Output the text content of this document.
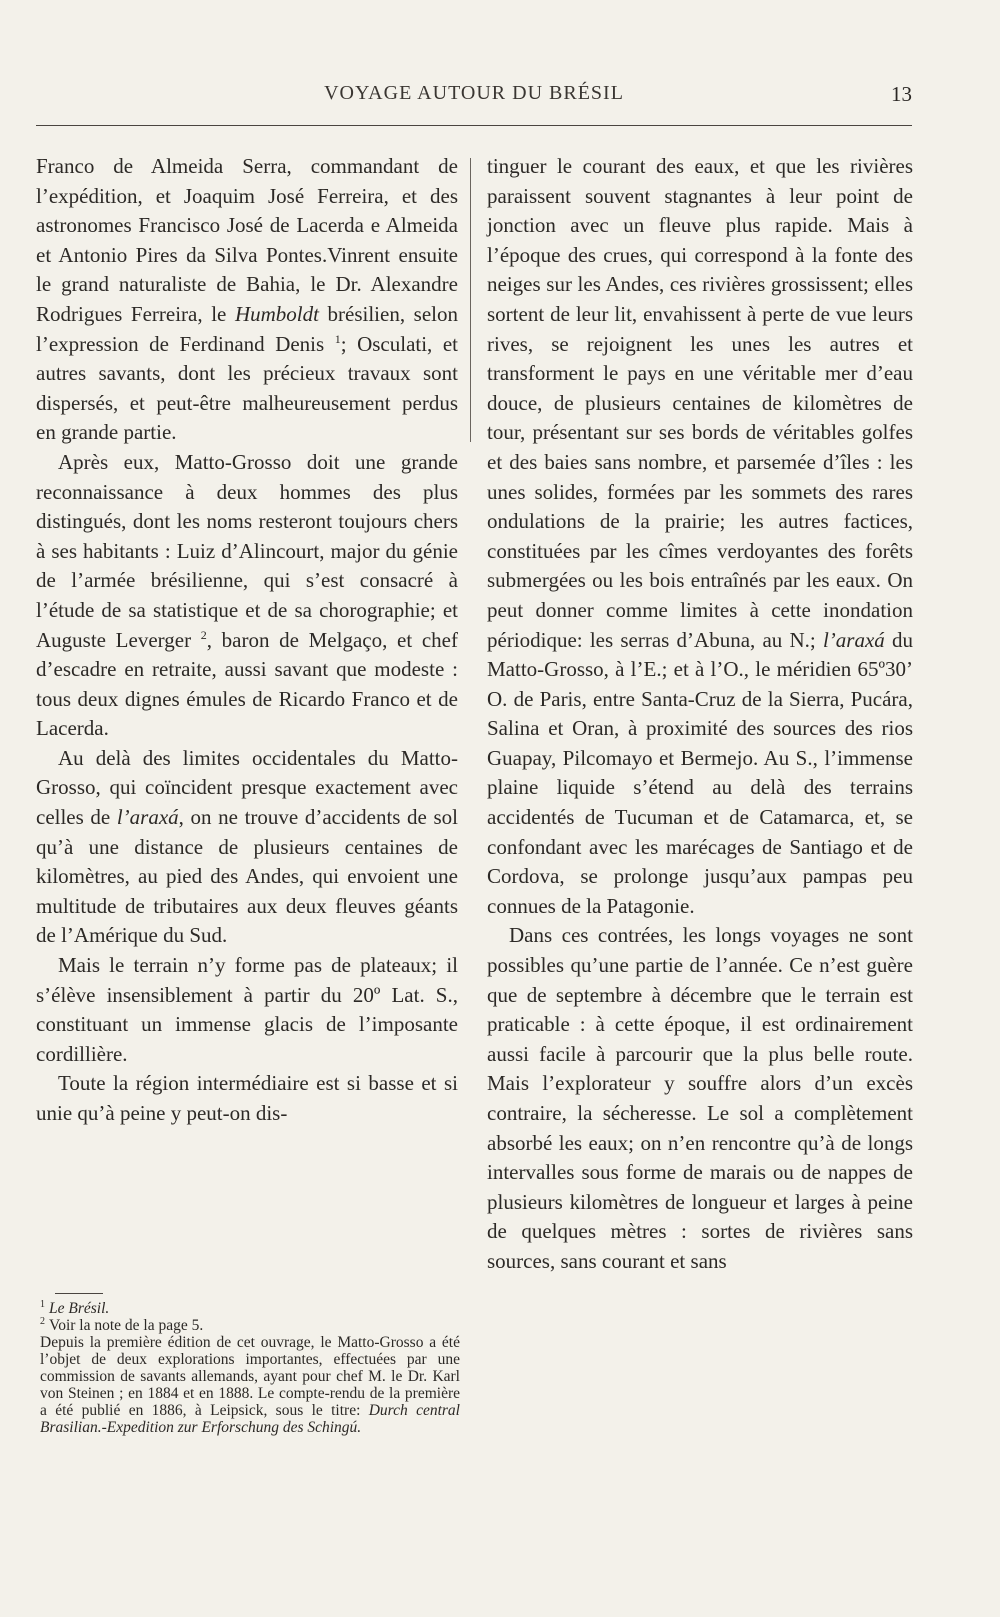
VOYAGE AUTOUR DU BRÉSIL	13

Franco de Almeida Serra, commandant de l’expédition, et Joaquim José Ferreira, et des astronomes Francisco José de Lacerda e Almeida et Antonio Pires da Silva Pontes.Vinrent ensuite le grand naturaliste de Bahia, le Dr. Alexandre Rodrigues Ferreira, le Humboldt brésilien, selon l’expression de Ferdinand Denis $^1$; Osculati, et autres savants, dont les précieux travaux sont dispersés, et peut-être malheureusement perdus en grande partie.

Après eux, Matto-Grosso doit une grande reconnaissance à deux hommes des plus distingués, dont les noms resteront toujours chers à ses habitants : Luiz d’Alincourt, major du génie de l’armée brésilienne, qui s’est consacré à l’étude de sa statistique et de sa chorographie; et Auguste Leverger $^2$, baron de Melgaço, et chef d’escadre en retraite, aussi savant que modeste : tous deux dignes émules de Ricardo Franco et de Lacerda.

Au delà des limites occidentales du Matto-Grosso, qui coïncident presque exactement avec celles de l’araxá, on ne trouve d’accidents de sol qu’à une distance de plusieurs centaines de kilomètres, au pied des Andes, qui envoient une multitude de tributaires aux deux fleuves géants de l’Amérique du Sud.

Mais le terrain n’y forme pas de plateaux; il s’élève insensiblement à partir du 20º Lat. S., constituant un immense glacis de l’imposante cordillière.

Toute la région intermédiaire est si basse et si unie qu’à peine y peut-on dis-

$^1$ Le Brésil.

$^2$ Voir la note de la page 5.

Depuis la première édition de cet ouvrage, le Matto-Grosso a été l’objet de deux explorations importantes, effectuées par une commission de savants allemands, ayant pour chef M. le Dr. Karl von Steinen ; en 1884 et en 1888. Le compte-rendu de la première a été publié en 1886, à Leipsick, sous le titre: Durch central Brasilian.-Expedition zur Erforschung des Schingú.

tinguer le courant des eaux, et que les rivières paraissent souvent stagnantes à leur point de jonction avec un fleuve plus rapide. Mais à l’époque des crues, qui correspond à la fonte des neiges sur les Andes, ces rivières grossissent; elles sortent de leur lit, envahissent à perte de vue leurs rives, se rejoignent les unes les autres et transforment le pays en une véritable mer d’eau douce, de plusieurs centaines de kilomètres de tour, présentant sur ses bords de véritables golfes et des baies sans nombre, et parsemée d’îles : les unes solides, formées par les sommets des rares ondulations de la prairie; les autres factices, constituées par les cîmes verdoyantes des forêts submergées ou les bois entraînés par les eaux. On peut donner comme limites à cette inondation périodique: les serras d’Abuna, au N.; l’araxá du Matto-Grosso, à l’E.; et à l’O., le méridien 65º30’ O. de Paris, entre Santa-Cruz de la Sierra, Pucára, Salina et Oran, à proximité des sources des rios Guapay, Pilcomayo et Bermejo. Au S., l’immense plaine liquide s’étend au delà des terrains accidentés de Tucuman et de Catamarca, et, se confondant avec les marécages de Santiago et de Cordova, se prolonge jusqu’aux pampas peu connues de la Patagonie.

Dans ces contrées, les longs voyages ne sont possibles qu’une partie de l’année. Ce n’est guère que de septembre à décembre que le terrain est praticable : à cette époque, il est ordinairement aussi facile à parcourir que la plus belle route. Mais l’explorateur y souffre alors d’un excès contraire, la sécheresse. Le sol a complètement absorbé les eaux; on n’en rencontre qu’à de longs intervalles sous forme de marais ou de nappes de plusieurs kilomètres de longueur et larges à peine de quelques mètres : sortes de rivières sans sources, sans courant et sans
